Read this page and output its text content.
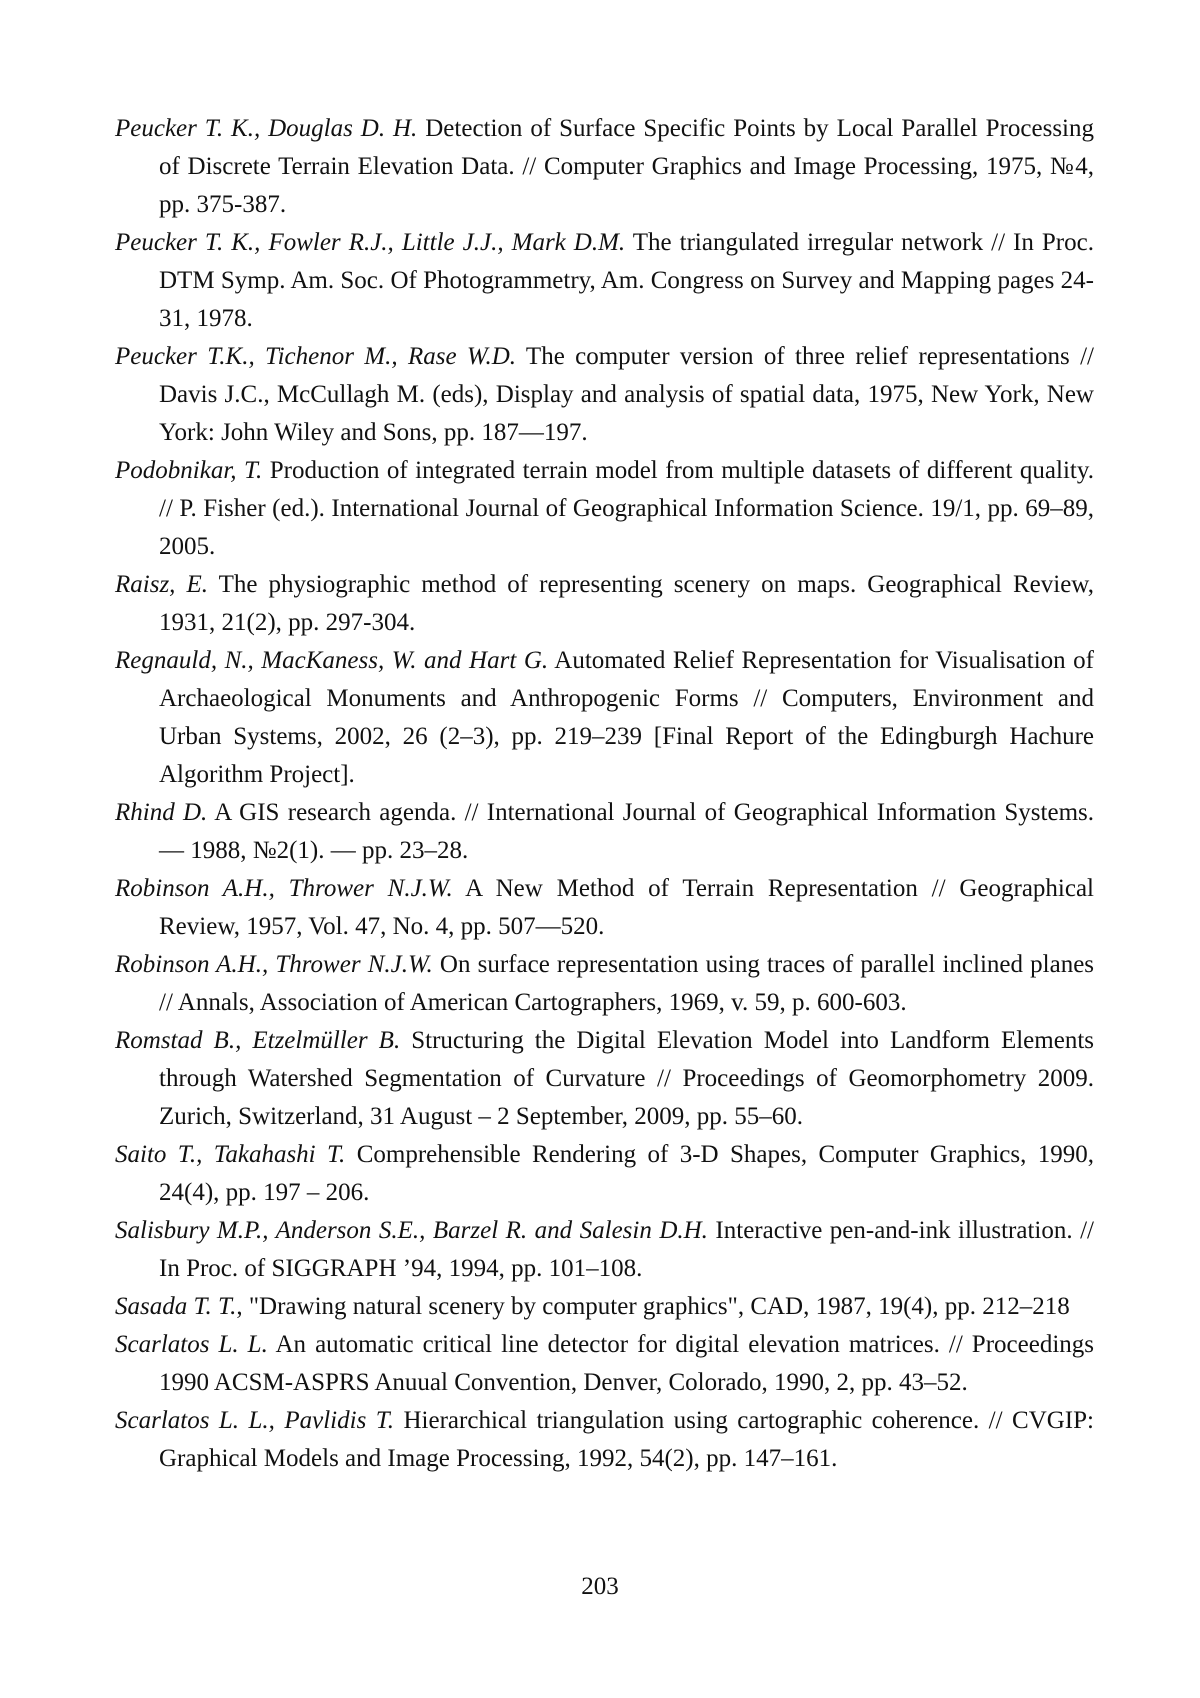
Peucker T. K., Douglas D. H. Detection of Surface Specific Points by Local Parallel Processing of Discrete Terrain Elevation Data. // Computer Graphics and Image Processing, 1975, №4, pp. 375-387.
Peucker T. K., Fowler R.J., Little J.J., Mark D.M. The triangulated irregular network // In Proc. DTM Symp. Am. Soc. Of Photogrammetry, Am. Congress on Survey and Mapping pages 24-31, 1978.
Peucker T.K., Tichenor M., Rase W.D. The computer version of three relief representations // Davis J.C., McCullagh M. (eds), Display and analysis of spatial data, 1975, New York, New York: John Wiley and Sons, pp. 187—197.
Podobnikar, T. Production of integrated terrain model from multiple datasets of different quality. // P. Fisher (ed.). International Journal of Geographical Information Science. 19/1, pp. 69–89, 2005.
Raisz, E. The physiographic method of representing scenery on maps. Geographical Review, 1931, 21(2), pp. 297-304.
Regnauld, N., MacKaness, W. and Hart G. Automated Relief Representation for Visualisation of Archaeological Monuments and Anthropogenic Forms // Computers, Environment and Urban Systems, 2002, 26 (2–3), pp. 219–239 [Final Report of the Edingburgh Hachure Algorithm Project].
Rhind D. A GIS research agenda. // International Journal of Geographical Information Systems. — 1988, №2(1). — pp. 23–28.
Robinson A.H., Thrower N.J.W. A New Method of Terrain Representation // Geographical Review, 1957, Vol. 47, No. 4, pp. 507—520.
Robinson A.H., Thrower N.J.W. On surface representation using traces of parallel inclined planes // Annals, Association of American Cartographers, 1969, v. 59, p. 600-603.
Romstad B., Etzelmüller B. Structuring the Digital Elevation Model into Landform Elements through Watershed Segmentation of Curvature // Proceedings of Geomorphometry 2009. Zurich, Switzerland, 31 August – 2 September, 2009, pp. 55–60.
Saito T., Takahashi T. Comprehensible Rendering of 3-D Shapes, Computer Graphics, 1990, 24(4), pp. 197 – 206.
Salisbury M.P., Anderson S.E., Barzel R. and Salesin D.H. Interactive pen-and-ink illustration. // In Proc. of SIGGRAPH ’94, 1994, pp. 101–108.
Sasada T. T., "Drawing natural scenery by computer graphics", CAD, 1987, 19(4), pp. 212–218
Scarlatos L. L. An automatic critical line detector for digital elevation matrices. // Proceedings 1990 ACSM-ASPRS Anuual Convention, Denver, Colorado, 1990, 2, pp. 43–52.
Scarlatos L. L., Pavlidis T. Hierarchical triangulation using cartographic coherence. // CVGIP: Graphical Models and Image Processing, 1992, 54(2), pp. 147–161.
203
